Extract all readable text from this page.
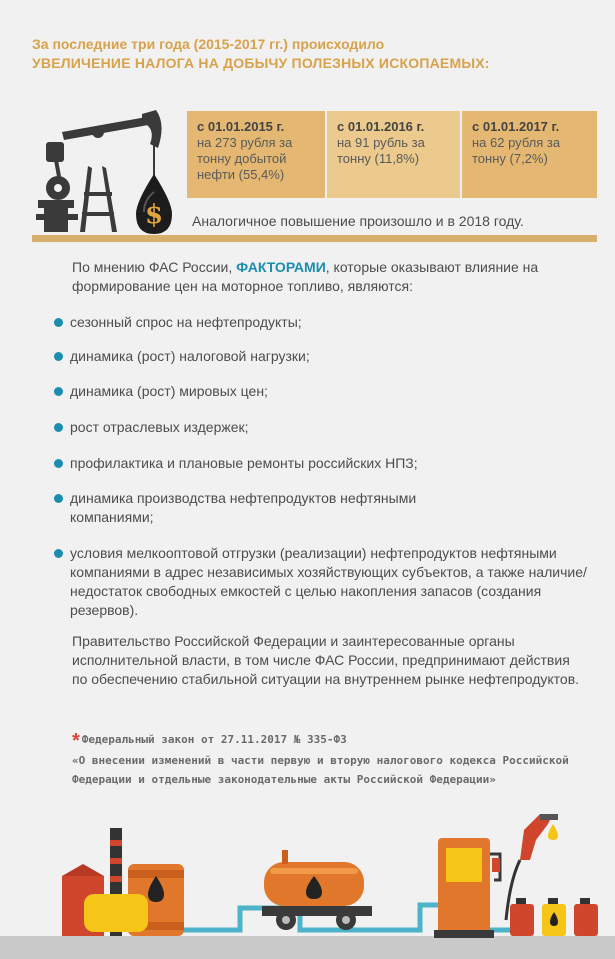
За последние три года (2015-2017 гг.) происходило
УВЕЛИЧЕНИЕ НАЛОГА НА ДОБЫЧУ ПОЛЕЗНЫХ ИСКОПАЕМЫХ:
$
с 01.01.2015 г.
на 273 рубля за тонну добытой нефти (55,4%)
с 01.01.2016 г.
на 91 рубль за тонну (11,8%)
с 01.01.2017 г.
на 62 рубля за тонну (7,2%)
Аналогичное повышение произошло и в 2018 году.
По мнению ФАС России, ФАКТОРАМИ, которые оказывают влияние на формирование цен на моторное топливо, являются:
сезонный спрос на нефтепродукты;
динамика (рост) налоговой нагрузки;
динамика (рост) мировых цен;
рост отраслевых издержек;
профилактика и плановые ремонты российских НПЗ;
динамика производства нефтепродуктов нефтяными компаниями;
условия мелкооптовой отгрузки (реализации) нефтепродуктов нефтяными компаниями в адрес независимых хозяйствующих субъектов, а также наличие/недостаток свободных емкостей с целью накопления запасов (создания резервов).
Правительство Российской Федерации и заинтересованные органы исполнительной власти, в том числе ФАС России, предпринимают действия по обеспечению стабильной ситуации на внутреннем рынке нефтепродуктов.
* Федеральный закон от 27.11.2017 № 335-ФЗ
«О внесении изменений в части первую и вторую налогового кодекса Российской Федерации и отдельные законодательные акты Российской Федерации»
